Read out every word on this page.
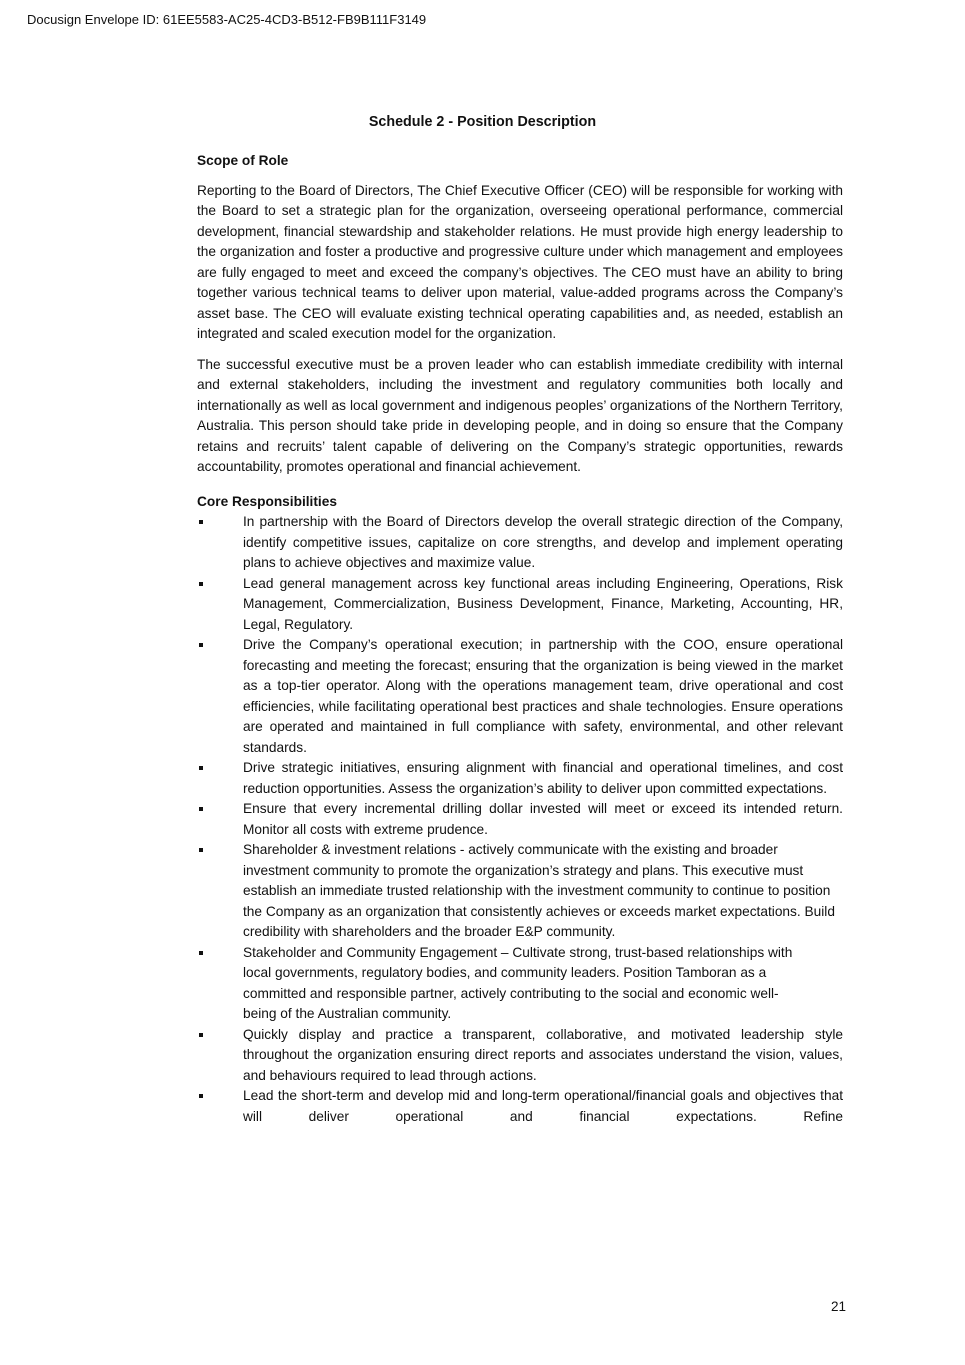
Docusign Envelope ID: 61EE5583-AC25-4CD3-B512-FB9B111F3149
Schedule 2 - Position Description
Scope of Role

Reporting to the Board of Directors, The Chief Executive Officer (CEO) will be responsible for working with the Board to set a strategic plan for the organization, overseeing operational performance, commercial development, financial stewardship and stakeholder relations. He must provide high energy leadership to the organization and foster a productive and progressive culture under which management and employees are fully engaged to meet and exceed the company’s objectives. The CEO must have an ability to bring together various technical teams to deliver upon material, value-added programs across the Company’s asset base. The CEO will evaluate existing technical operating capabilities and, as needed, establish an integrated and scaled execution model for the organization.

The successful executive must be a proven leader who can establish immediate credibility with internal and external stakeholders, including the investment and regulatory communities both locally and internationally as well as local government and indigenous peoples’ organizations of the Northern Territory, Australia. This person should take pride in developing people, and in doing so ensure that the Company retains and recruits’ talent capable of delivering on the Company’s strategic opportunities, rewards accountability, promotes operational and financial achievement.

Core Responsibilities
In partnership with the Board of Directors develop the overall strategic direction of the Company, identify competitive issues, capitalize on core strengths, and develop and implement operating plans to achieve objectives and maximize value.
Lead general management across key functional areas including Engineering, Operations, Risk Management, Commercialization, Business Development, Finance, Marketing, Accounting, HR, Legal, Regulatory.
Drive the Company’s operational execution; in partnership with the COO, ensure operational forecasting and meeting the forecast; ensuring that the organization is being viewed in the market as a top-tier operator. Along with the operations management team, drive operational and cost efficiencies, while facilitating operational best practices and shale technologies. Ensure operations are operated and maintained in full compliance with safety, environmental, and other relevant standards.
Drive strategic initiatives, ensuring alignment with financial and operational timelines, and cost reduction opportunities. Assess the organization’s ability to deliver upon committed expectations.
Ensure that every incremental drilling dollar invested will meet or exceed its intended return. Monitor all costs with extreme prudence.
Shareholder & investment relations - actively communicate with the existing and broader investment community to promote the organization’s strategy and plans. This executive must establish an immediate trusted relationship with the investment community to continue to position the Company as an organization that consistently achieves or exceeds market expectations. Build credibility with shareholders and the broader E&P community.
Stakeholder and Community Engagement – Cultivate strong, trust-based relationships with local governments, regulatory bodies, and community leaders. Position Tamboran as a committed and responsible partner, actively contributing to the social and economic well-being of the Australian community.
Quickly display and practice a transparent, collaborative, and motivated leadership style throughout the organization ensuring direct reports and associates understand the vision, values, and behaviours required to lead through actions.
Lead the short-term and develop mid and long-term operational/financial goals and objectives that will deliver operational and financial expectations. Refine
21
